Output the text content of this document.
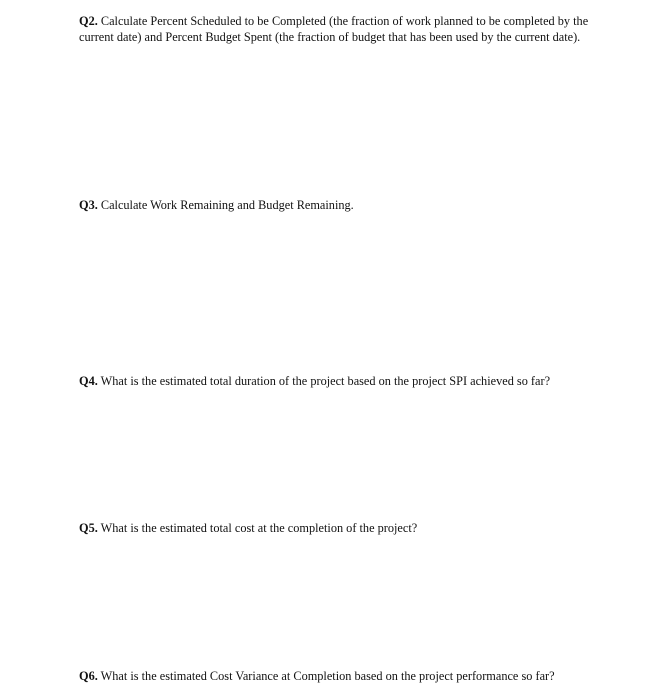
Q2. Calculate Percent Scheduled to be Completed (the fraction of work planned to be completed by the current date) and Percent Budget Spent (the fraction of budget that has been used by the current date).

Q3. Calculate Work Remaining and Budget Remaining.

Q4. What is the estimated total duration of the project based on the project SPI achieved so far?

Q5. What is the estimated total cost at the completion of the project?

Q6. What is the estimated Cost Variance at Completion based on the project performance so far?
